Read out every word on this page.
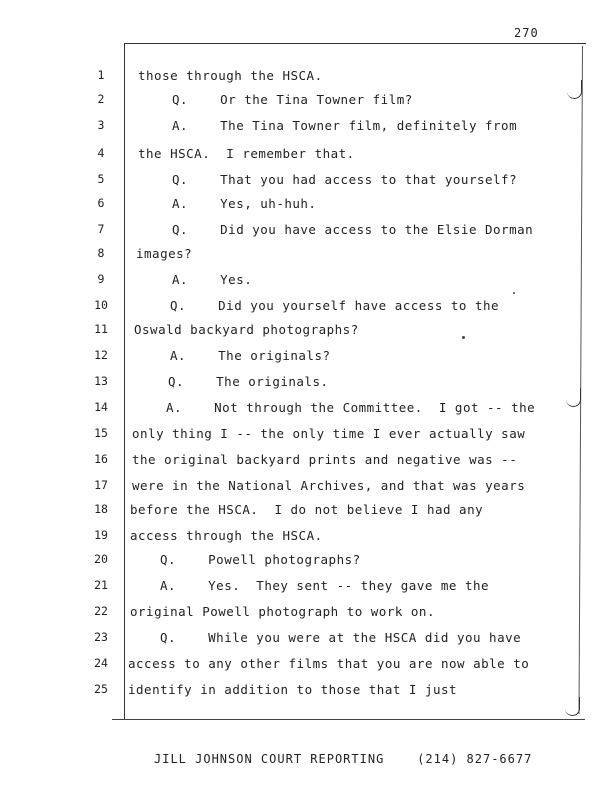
270
1	those through the HSCA.
2	Q.    Or the Tina Towner film?
3	A.    The Tina Towner film, definitely from
4	the HSCA.  I remember that.
5	Q.    That you had access to that yourself?
6	A.    Yes, uh-huh.
7	Q.    Did you have access to the Elsie Dorman
8	images?
9	A.    Yes.
10	Q.    Did you yourself have access to the
11	Oswald backyard photographs?
12	A.    The originals?
13	Q.    The originals.
14	A.    Not through the Committee.  I got -- the
15	only thing I -- the only time I ever actually saw
16	the original backyard prints and negative was --
17	were in the National Archives, and that was years
18	before the HSCA.  I do not believe I had any
19	access through the HSCA.
20	Q.    Powell photographs?
21	A.    Yes.  They sent -- they gave me the
22	original Powell photograph to work on.
23	Q.    While you were at the HSCA did you have
24	access to any other films that you are now able to
25	identify in addition to those that I just
JILL JOHNSON COURT REPORTING    (214) 827-6677
